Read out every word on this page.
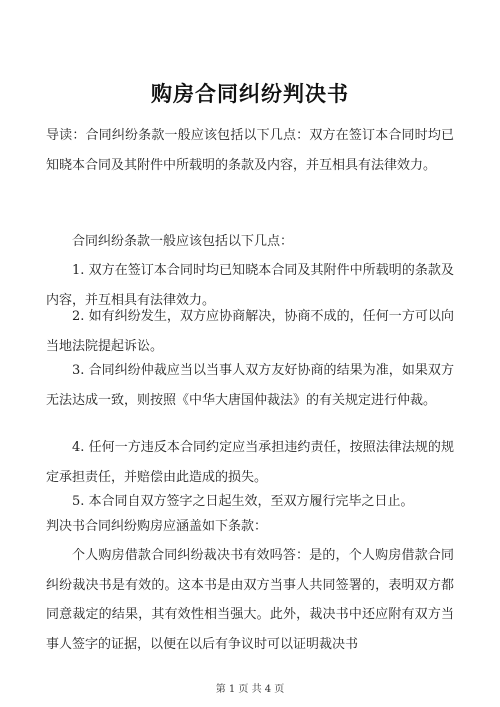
购房合同纠纷判决书

导读：合同纠纷条款一般应该包括以下几点：双方在签订本合同时均已知晓本合同及其附件中所载明的条款及内容，并互相具有法律效力。

合同纠纷条款一般应该包括以下几点：

1. 双方在签订本合同时均已知晓本合同及其附件中所载明的条款及内容，并互相具有法律效力。

2. 如有纠纷发生，双方应协商解决，协商不成的，任何一方可以向当地法院提起诉讼。

3. 合同纠纷仲裁应当以当事人双方友好协商的结果为准，如果双方无法达成一致，则按照《中华大唐国仲裁法》的有关规定进行仲裁。

4. 任何一方违反本合同约定应当承担违约责任，按照法律法规的规定承担责任，并赔偿由此造成的损失。

5. 本合同自双方签字之日起生效，至双方履行完毕之日止。

判决书合同纠纷购房应涵盖如下条款：

个人购房借款合同纠纷裁决书有效吗答：是的，个人购房借款合同纠纷裁决书是有效的。这本书是由双方当事人共同签署的，表明双方都同意裁定的结果，其有效性相当强大。此外，裁决书中还应附有双方当事人签字的证据，以便在以后有争议时可以证明裁决书

第 1 页 共 4 页
